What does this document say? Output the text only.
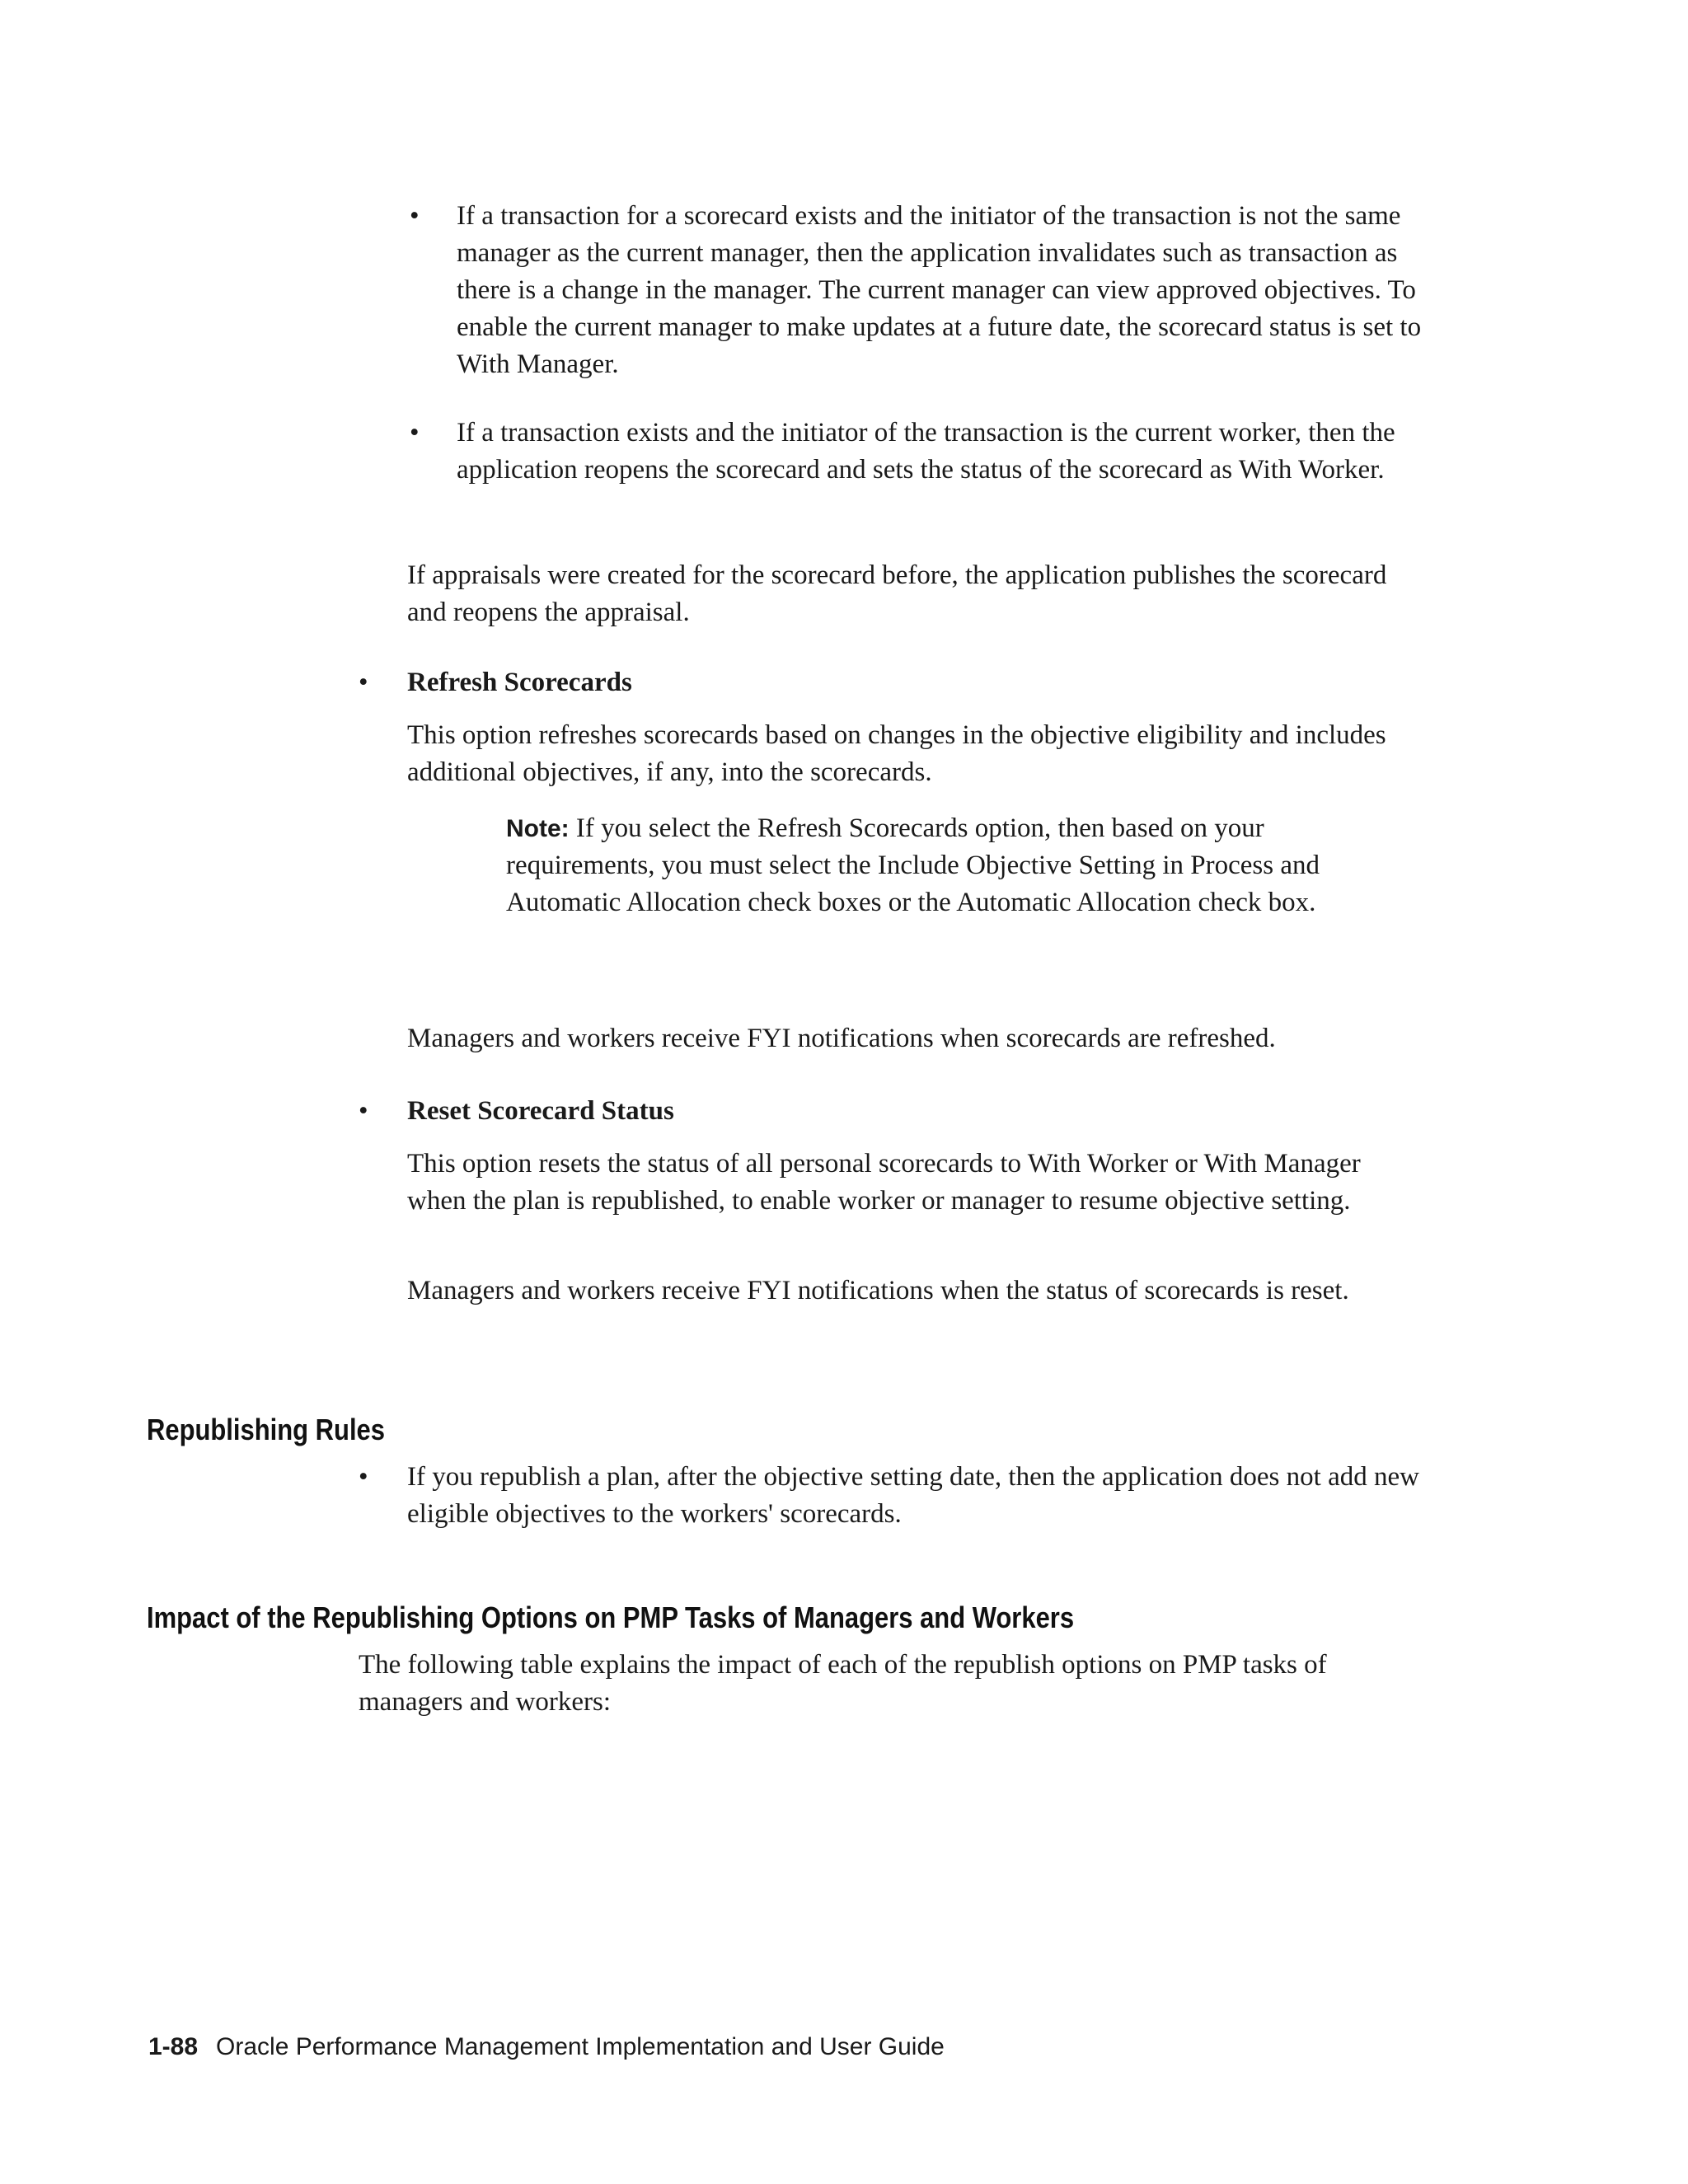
• If a transaction for a scorecard exists and the initiator of the transaction is not the same manager as the current manager, then the application invalidates such as transaction as there is a change in the manager. The current manager can view approved objectives. To enable the current manager to make updates at a future date, the scorecard status is set to With Manager.

• If a transaction exists and the initiator of the transaction is the current worker, then the application reopens the scorecard and sets the status of the scorecard as With Worker.

If appraisals were created for the scorecard before, the application publishes the scorecard and reopens the appraisal.

• Refresh Scorecards

This option refreshes scorecards based on changes in the objective eligibility and includes additional objectives, if any, into the scorecards.

Note: If you select the Refresh Scorecards option, then based on your requirements, you must select the Include Objective Setting in Process and Automatic Allocation check boxes or the Automatic Allocation check box.

Managers and workers receive FYI notifications when scorecards are refreshed.

• Reset Scorecard Status

This option resets the status of all personal scorecards to With Worker or With Manager when the plan is republished, to enable worker or manager to resume objective setting.

Managers and workers receive FYI notifications when the status of scorecards is reset.

Republishing Rules
• If you republish a plan, after the objective setting date, then the application does not add new eligible objectives to the workers' scorecards.

Impact of the Republishing Options on PMP Tasks of Managers and Workers

The following table explains the impact of each of the republish options on PMP tasks of managers and workers:

1-88 Oracle Performance Management Implementation and User Guide
